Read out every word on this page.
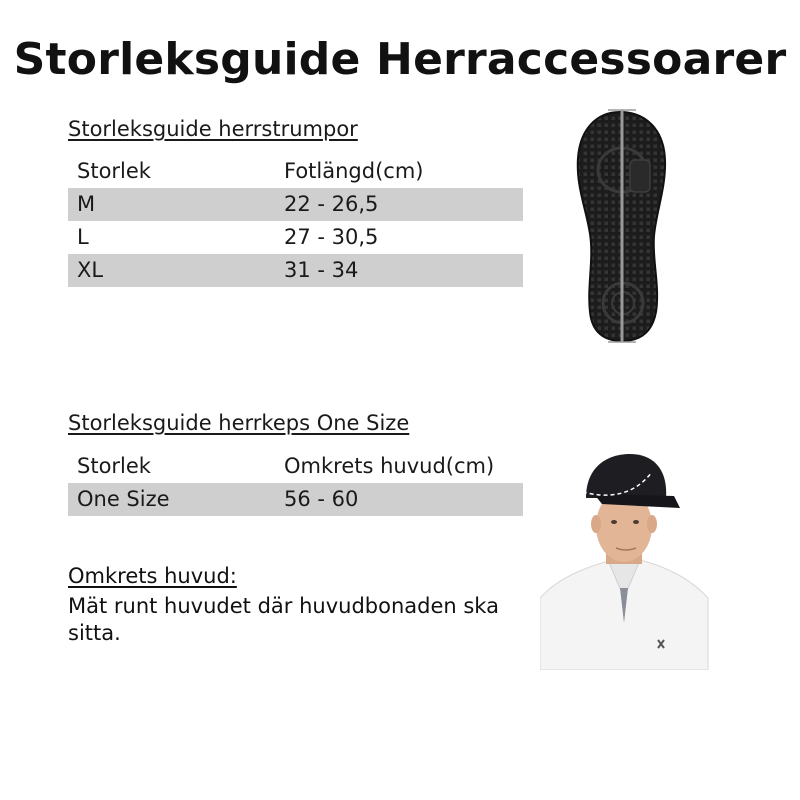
Storleksguide Herraccessoarer
Storleksguide herrstrumpor
Storlek	Fotlängd(cm)
M	22 - 26,5
L	27 - 30,5
XL	31 - 34
Storleksguide herrkeps One Size
Storlek	Omkrets huvud(cm)
One Size	56 - 60
Omkrets huvud:
Mät runt huvudet där huvudbonaden ska sitta.
